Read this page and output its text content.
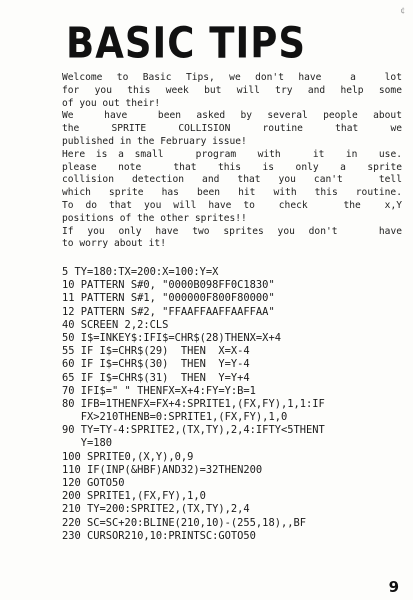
¢
BASIC TIPS
Welcome to Basic Tips, we don't have  a  lot
for you this week but will try and help some
of you out their!
We  have  been asked by several people about
the   SPRITE   COLLISION   routine   that   we
published in the February issue!
Here is a small   program  with   it  in  use.
please  note   that  this  is  only  a  sprite
collision detection and that you can't  tell
which sprite has been hit with this routine.
To do that you will have to  check   the  x,Y
positions of the other sprites!!
If you only have two sprites you don't   have
to worry about it!
5 TY=180:TX=200:X=100:Y=X
10 PATTERN S#0, "0000B098FF0C1830"
11 PATTERN S#1, "000000F800F80000"
12 PATTERN S#2, "FFAAFFAAFFAAFFAA"
40 SCREEN 2,2:CLS
50 I$=INKEY$:IFI$=CHR$(28)THENX=X+4
55 IF I$=CHR$(29)  THEN  X=X-4
60 IF I$=CHR$(30)  THEN  Y=Y-4
65 IF I$=CHR$(31)  THEN  Y=Y+4
70 IFI$=" " THENFX=X+4:FY=Y:B=1
80 IFB=1THENFX=FX+4:SPRITE1,(FX,FY),1,1:IF
FX>210THENB=0:SPRITE1,(FX,FY),1,0
90 TY=TY-4:SPRITE2,(TX,TY),2,4:IFTY<5THENT
Y=180
100 SPRITE0,(X,Y),0,9
110 IF(INP(&HBF)AND32)=32THEN200
120 GOTO50
200 SPRITE1,(FX,FY),1,0
210 TY=200:SPRITE2,(TX,TY),2,4
220 SC=SC+20:BLINE(210,10)-(255,18),,BF
230 CURSOR210,10:PRINTSC:GOTO50
9
